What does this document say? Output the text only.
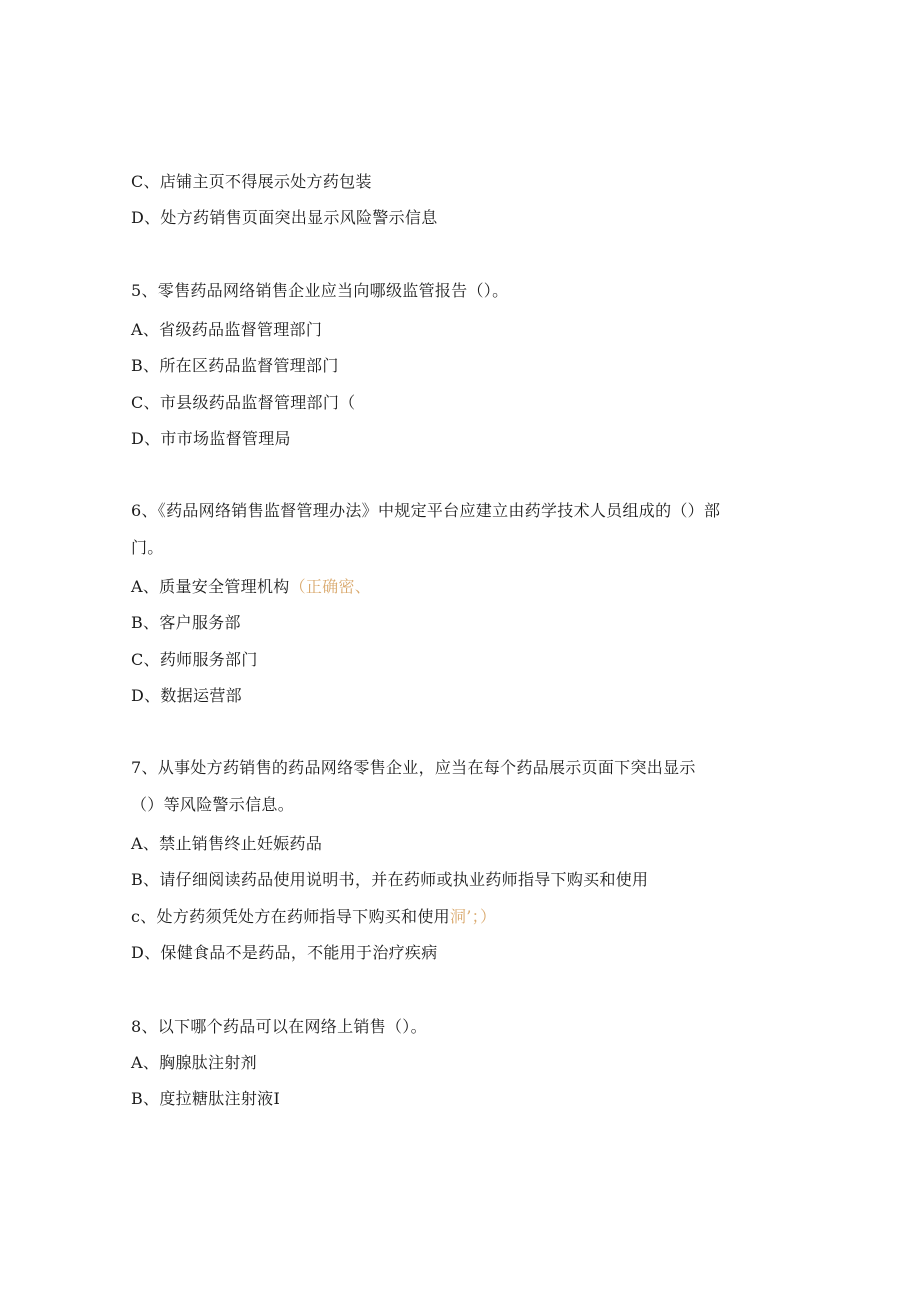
C、店铺主页不得展示处方药包装
D、处方药销售页面突出显示风险警示信息
5、零售药品网络销售企业应当向哪级监管报告（）。
A、省级药品监督管理部门
B、所在区药品监督管理部门
C、市县级药品监督管理部门（
D、市市场监督管理局
6、《药品网络销售监督管理办法》中规定平台应建立由药学技术人员组成的（）部
门。
A、质量安全管理机构（正确密、
B、客户服务部
C、药师服务部门
D、数据运营部
7、从事处方药销售的药品网络零售企业，应当在每个药品展示页面下突出显示
（）等风险警示信息。
A、禁止销售终止妊娠药品
B、请仔细阅读药品使用说明书，并在药师或执业药师指导下购买和使用
c、处方药须凭处方在药师指导下购买和使用洞’；）
D、保健食品不是药品，不能用于治疗疾病
8、以下哪个药品可以在网络上销售（）。
A、胸腺肽注射剂
B、度拉糖肽注射液Ⅰ
